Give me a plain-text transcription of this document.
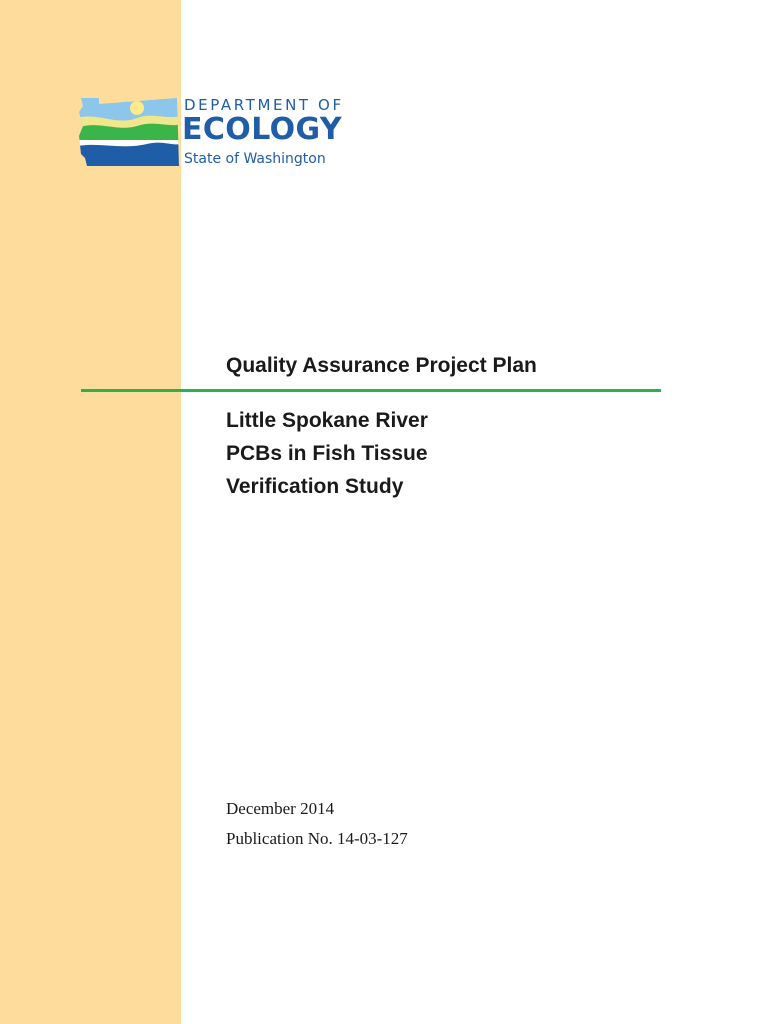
DEPARTMENT OF
ECOLOGY
State of Washington
Quality Assurance Project Plan

Little Spokane River

PCBs in Fish Tissue

Verification Study

December 2014

Publication No. 14-03-127
